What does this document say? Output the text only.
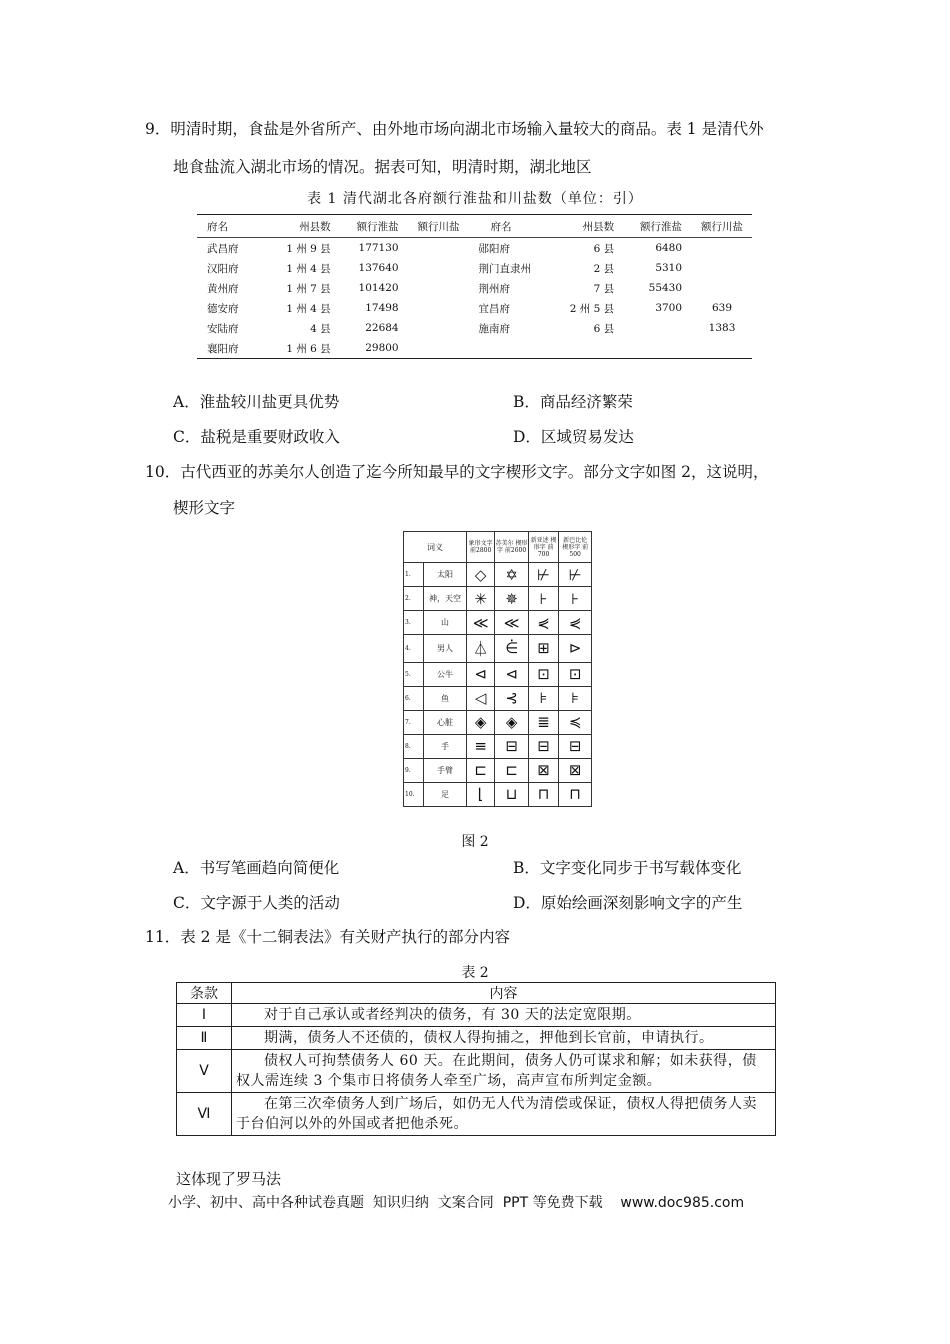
9．明清时期，食盐是外省所产、由外地市场向湖北市场输入量较大的商品。表 1 是清代外
地食盐流入湖北市场的情况。据表可知，明清时期，湖北地区
表 1 清代湖北各府额行淮盐和川盐数（单位：引）
府名	州县数	额行淮盐	额行川盐	府名	州县数	额行淮盐	额行川盐
武昌府	1 州 9 县	177130		郧阳府	6 县	6480	
汉阳府	1 州 4 县	137640		荆门直隶州	2 县	5310	
黄州府	1 州 7 县	101420		荆州府	7 县	55430	
德安府	1 州 4 县	17498		宜昌府	2 州 5 县	3700	639
安陆府	4 县	22684		施南府	6 县		1383
襄阳府	1 州 6 县	29800					
A．淮盐较川盐更具优势	B．商品经济繁荣
C．盐税是重要财政收入	D．区域贸易发达
10．古代西亚的苏美尔人创造了迄今所知最早的文字楔形文字。部分文字如图 2，这说明，
楔形文字
词义		象形文字 前2800	苏美尔 楔形字 前2600	新亚述 楔形字 前700	新巴比伦 楔形字 前500
1.	太阳	◇	✡	⊬	⊬
2.	神，天空	✳	✵	⊦	⊦
3.	山	≪	≪	⋞	⋞
4.	男人	⏃	⋵	⊞	⊳
5.	公牛	⊲	⊲	⊡	⊡
6.	鱼	◁	⊰	⊧	⊧
7.	心脏	◈	◈	≣	≼
8.	手	≡	⊟	⊟	⊟
9.	手臂	⊏	⊏	⊠	⊠
10.	足	⌊	⊔	⊓	⊓
图 2
A．书写笔画趋向简便化	B．文字变化同步于书写载体变化
C．文字源于人类的活动	D．原始绘画深刻影响文字的产生
11．表 2 是《十二铜表法》有关财产执行的部分内容
表 2
条款	内容
Ⅰ	对于自己承认或者经判决的债务，有 30 天的法定宽限期。
Ⅱ	期满，债务人不还债的，债权人得拘捕之，押他到长官前，申请执行。
Ⅴ	债权人可拘禁债务人 60 天。在此期间，债务人仍可谋求和解；如未获得，债权人需连续 3 个集市日将债务人牵至广场，高声宣布所判定金额。
Ⅵ	在第三次牵债务人到广场后，如仍无人代为清偿或保证，债权人得把债务人卖于台伯河以外的外国或者把他杀死。
这体现了罗马法
小学、初中、高中各种试卷真题  知识归纳  文案合同  PPT 等免费下载    www.doc985.com
